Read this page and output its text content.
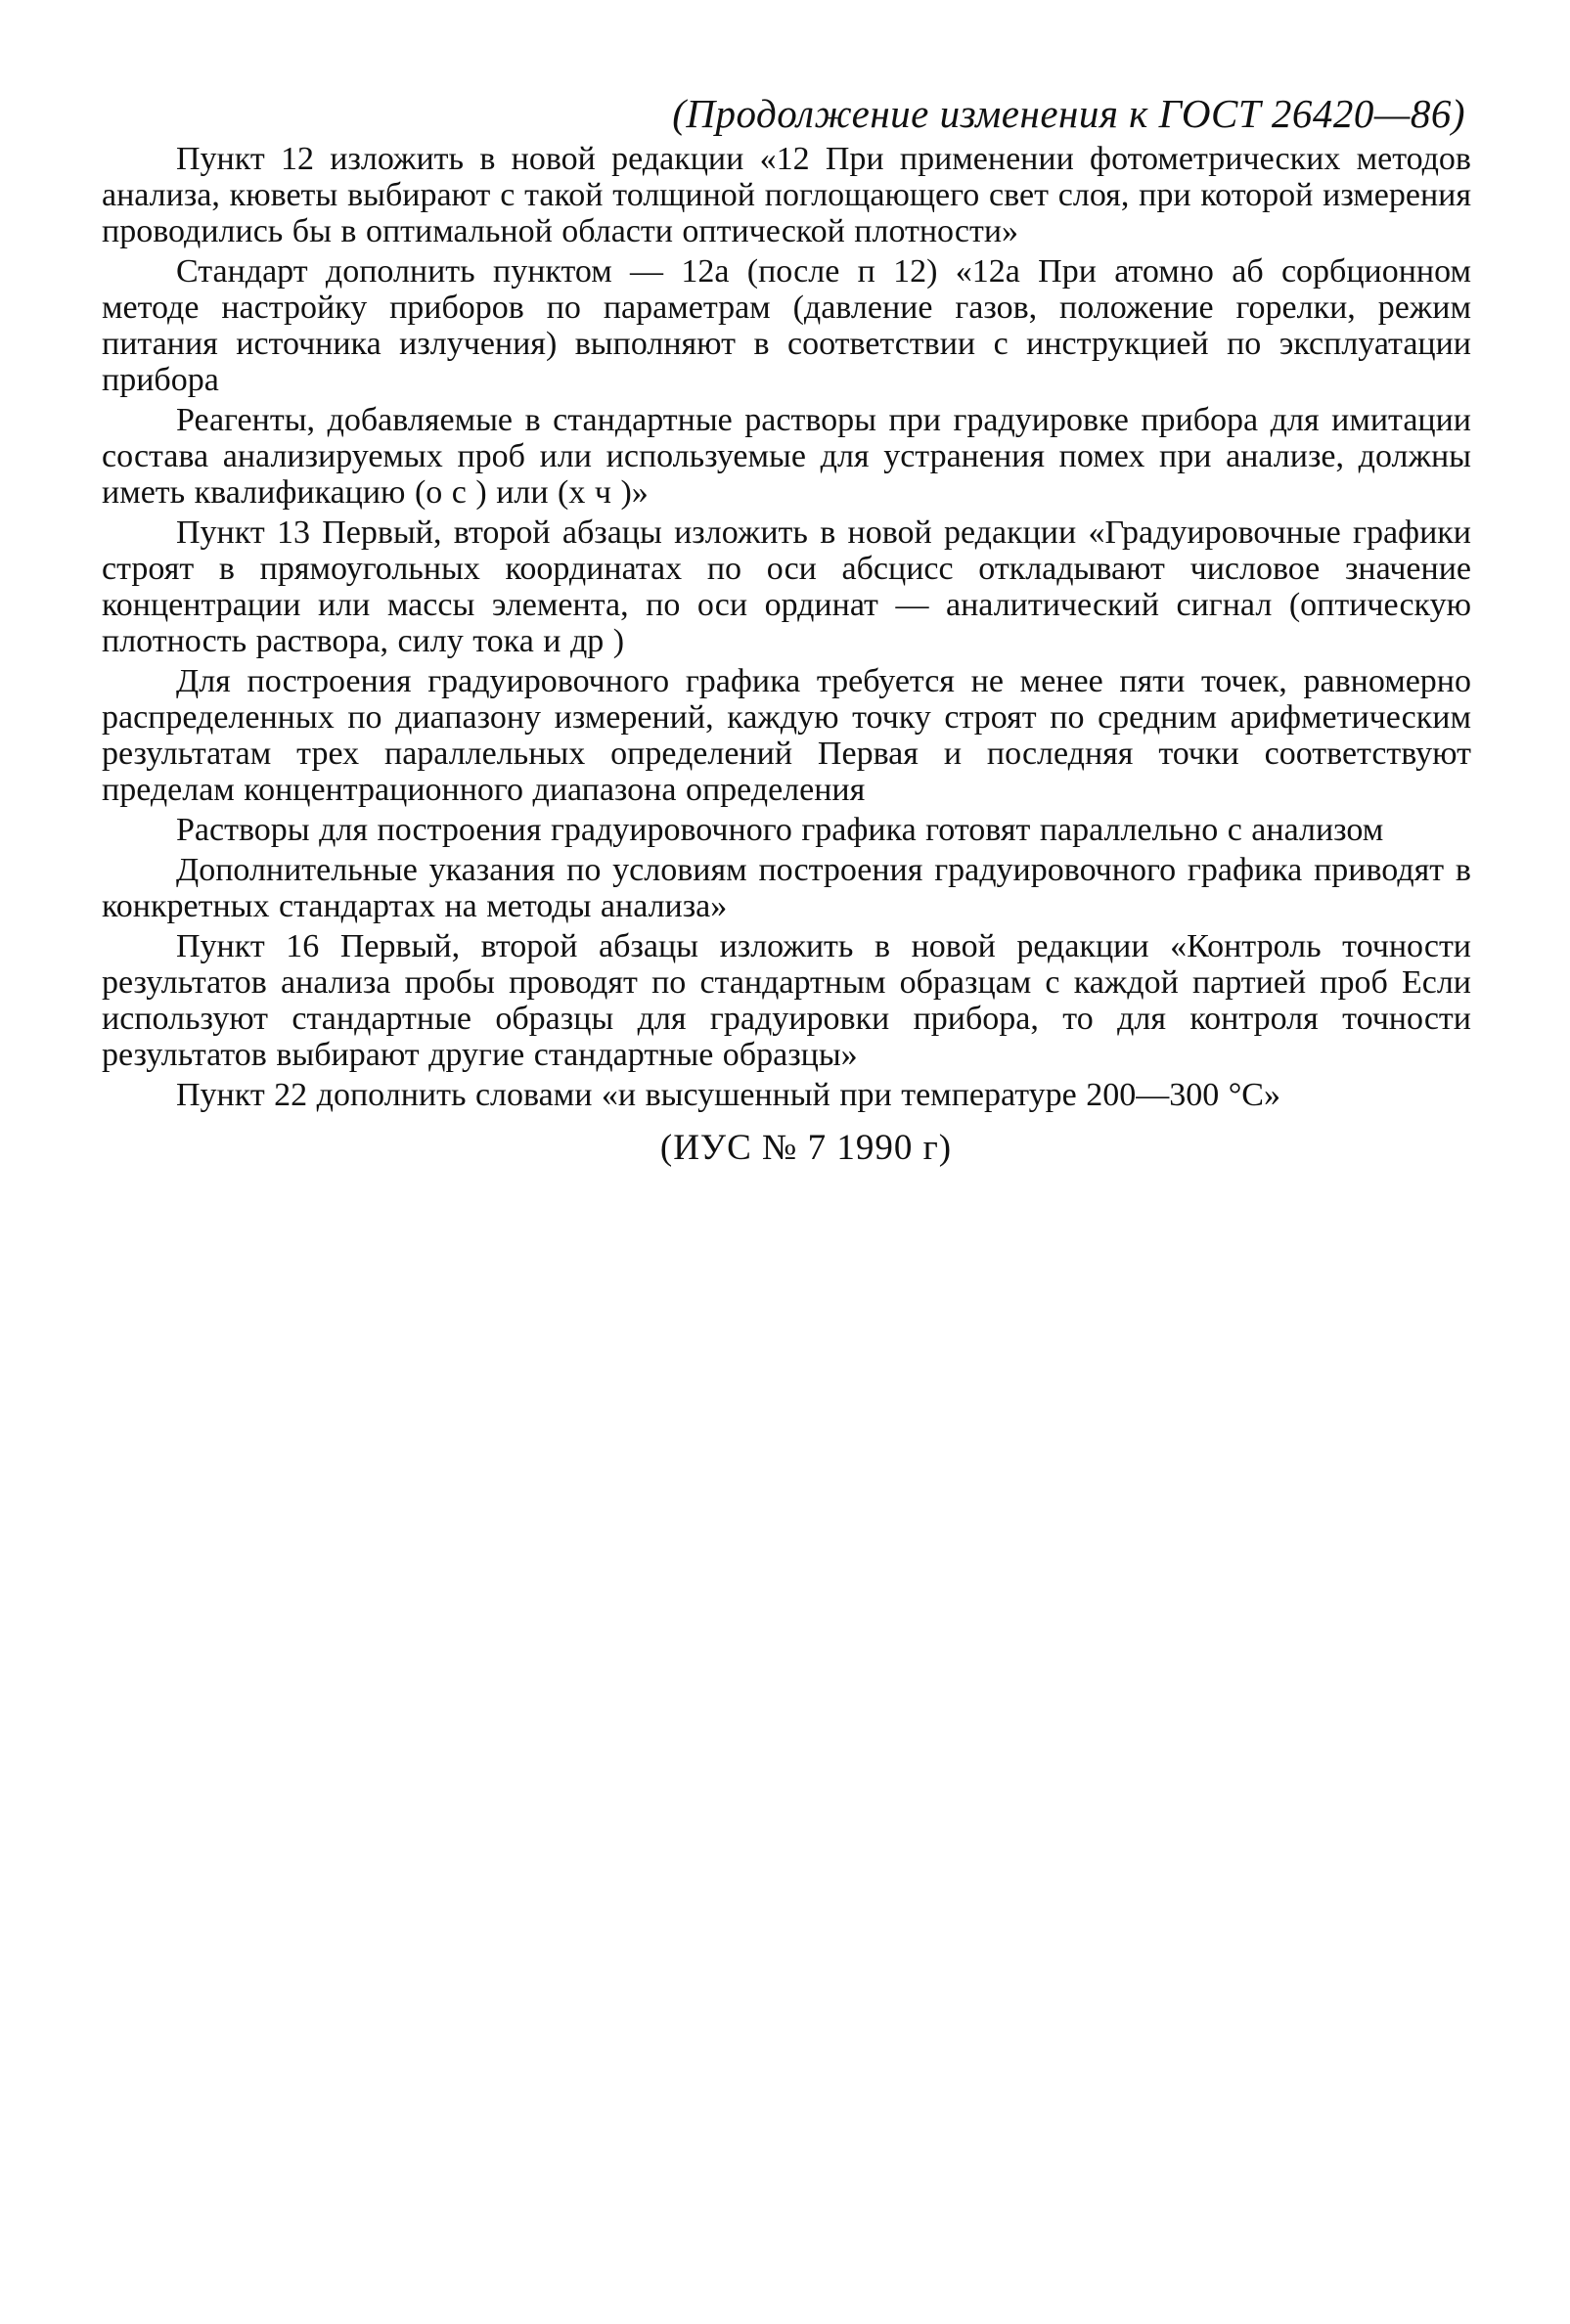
(Продолжение изменения к ГОСТ 26420—86)

Пункт 12 изложить в новой редакции «12 При применении фотометрических методов анализа, кюветы выбирают с такой толщиной поглощающего свет слоя, при которой измерения проводились бы в оптимальной области оптической плотности»

Стандарт дополнить пунктом — 12а (после п 12) «12а При атомно аб сорбционном методе настройку приборов по параметрам (давление газов, положение горелки, режим питания источника излучения) выполняют в соответствии с инструкцией по эксплуатации прибора

Реагенты, добавляемые в стандартные растворы при градуировке прибора для имитации состава анализируемых проб или используемые для устранения помех при анализе, должны иметь квалификацию (о с ) или (х ч )»

Пункт 13 Первый, второй абзацы изложить в новой редакции «Градуировочные графики строят в прямоугольных координатах по оси абсцисс откладывают числовое значение концентрации или массы элемента, по оси ординат — аналитический сигнал (оптическую плотность раствора, силу тока и др )

Для построения градуировочного графика требуется не менее пяти точек, равномерно распределенных по диапазону измерений, каждую точку строят по средним арифметическим результатам трех параллельных определений Первая и последняя точки соответствуют пределам концентрационного диапазона определения

Растворы для построения градуировочного графика готовят параллельно с анализом

Дополнительные указания по условиям построения градуировочного графика приводят в конкретных стандартах на методы анализа»

Пункт 16 Первый, второй абзацы изложить в новой редакции «Контроль точности результатов анализа пробы проводят по стандартным образцам с каждой партией проб Если используют стандартные образцы для градуировки прибора, то для контроля точности результатов выбирают другие стандартные образцы»

Пункт 22 дополнить словами «и высушенный при температуре 200—300 °С»

(ИУС № 7 1990 г)
